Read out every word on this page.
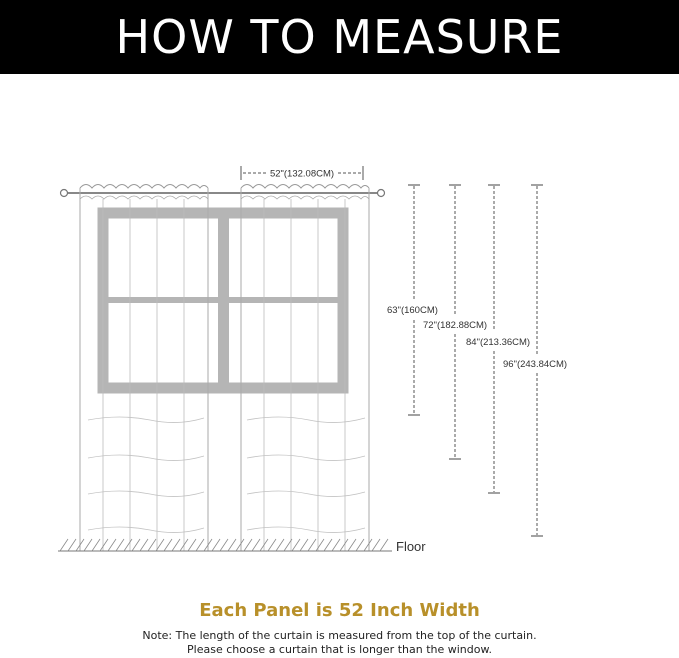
HOW TO MEASURE
Floor
52"(132.08CM)
63"(160CM)
72"(182.88CM)
84"(213.36CM)
96"(243.84CM)
Each Panel is 52 Inch Width
Note: The length of the curtain is measured from the top of the curtain.
Please choose a curtain that is longer than the window.
